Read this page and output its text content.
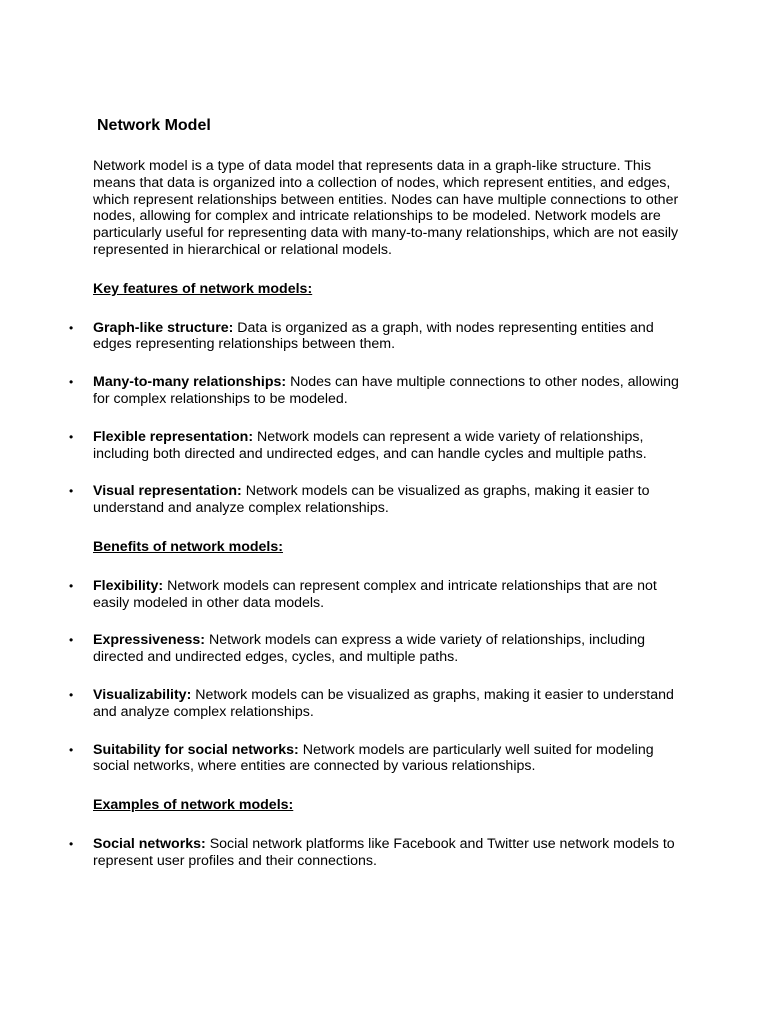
Network Model

Network model is a type of data model that represents data in a graph-like structure. This means that data is organized into a collection of nodes, which represent entities, and edges, which represent relationships between entities. Nodes can have multiple connections to other nodes, allowing for complex and intricate relationships to be modeled. Network models are particularly useful for representing data with many-to-many relationships, which are not easily represented in hierarchical or relational models.

Key features of network models:
• Graph-like structure: Data is organized as a graph, with nodes representing entities and edges representing relationships between them.
• Many-to-many relationships: Nodes can have multiple connections to other nodes, allowing for complex relationships to be modeled.
• Flexible representation: Network models can represent a wide variety of relationships, including both directed and undirected edges, and can handle cycles and multiple paths.
• Visual representation: Network models can be visualized as graphs, making it easier to understand and analyze complex relationships.
Benefits of network models:
• Flexibility: Network models can represent complex and intricate relationships that are not easily modeled in other data models.
• Expressiveness: Network models can express a wide variety of relationships, including directed and undirected edges, cycles, and multiple paths.
• Visualizability: Network models can be visualized as graphs, making it easier to understand and analyze complex relationships.
• Suitability for social networks: Network models are particularly well suited for modeling social networks, where entities are connected by various relationships.
Examples of network models:
• Social networks: Social network platforms like Facebook and Twitter use network models to represent user profiles and their connections.
